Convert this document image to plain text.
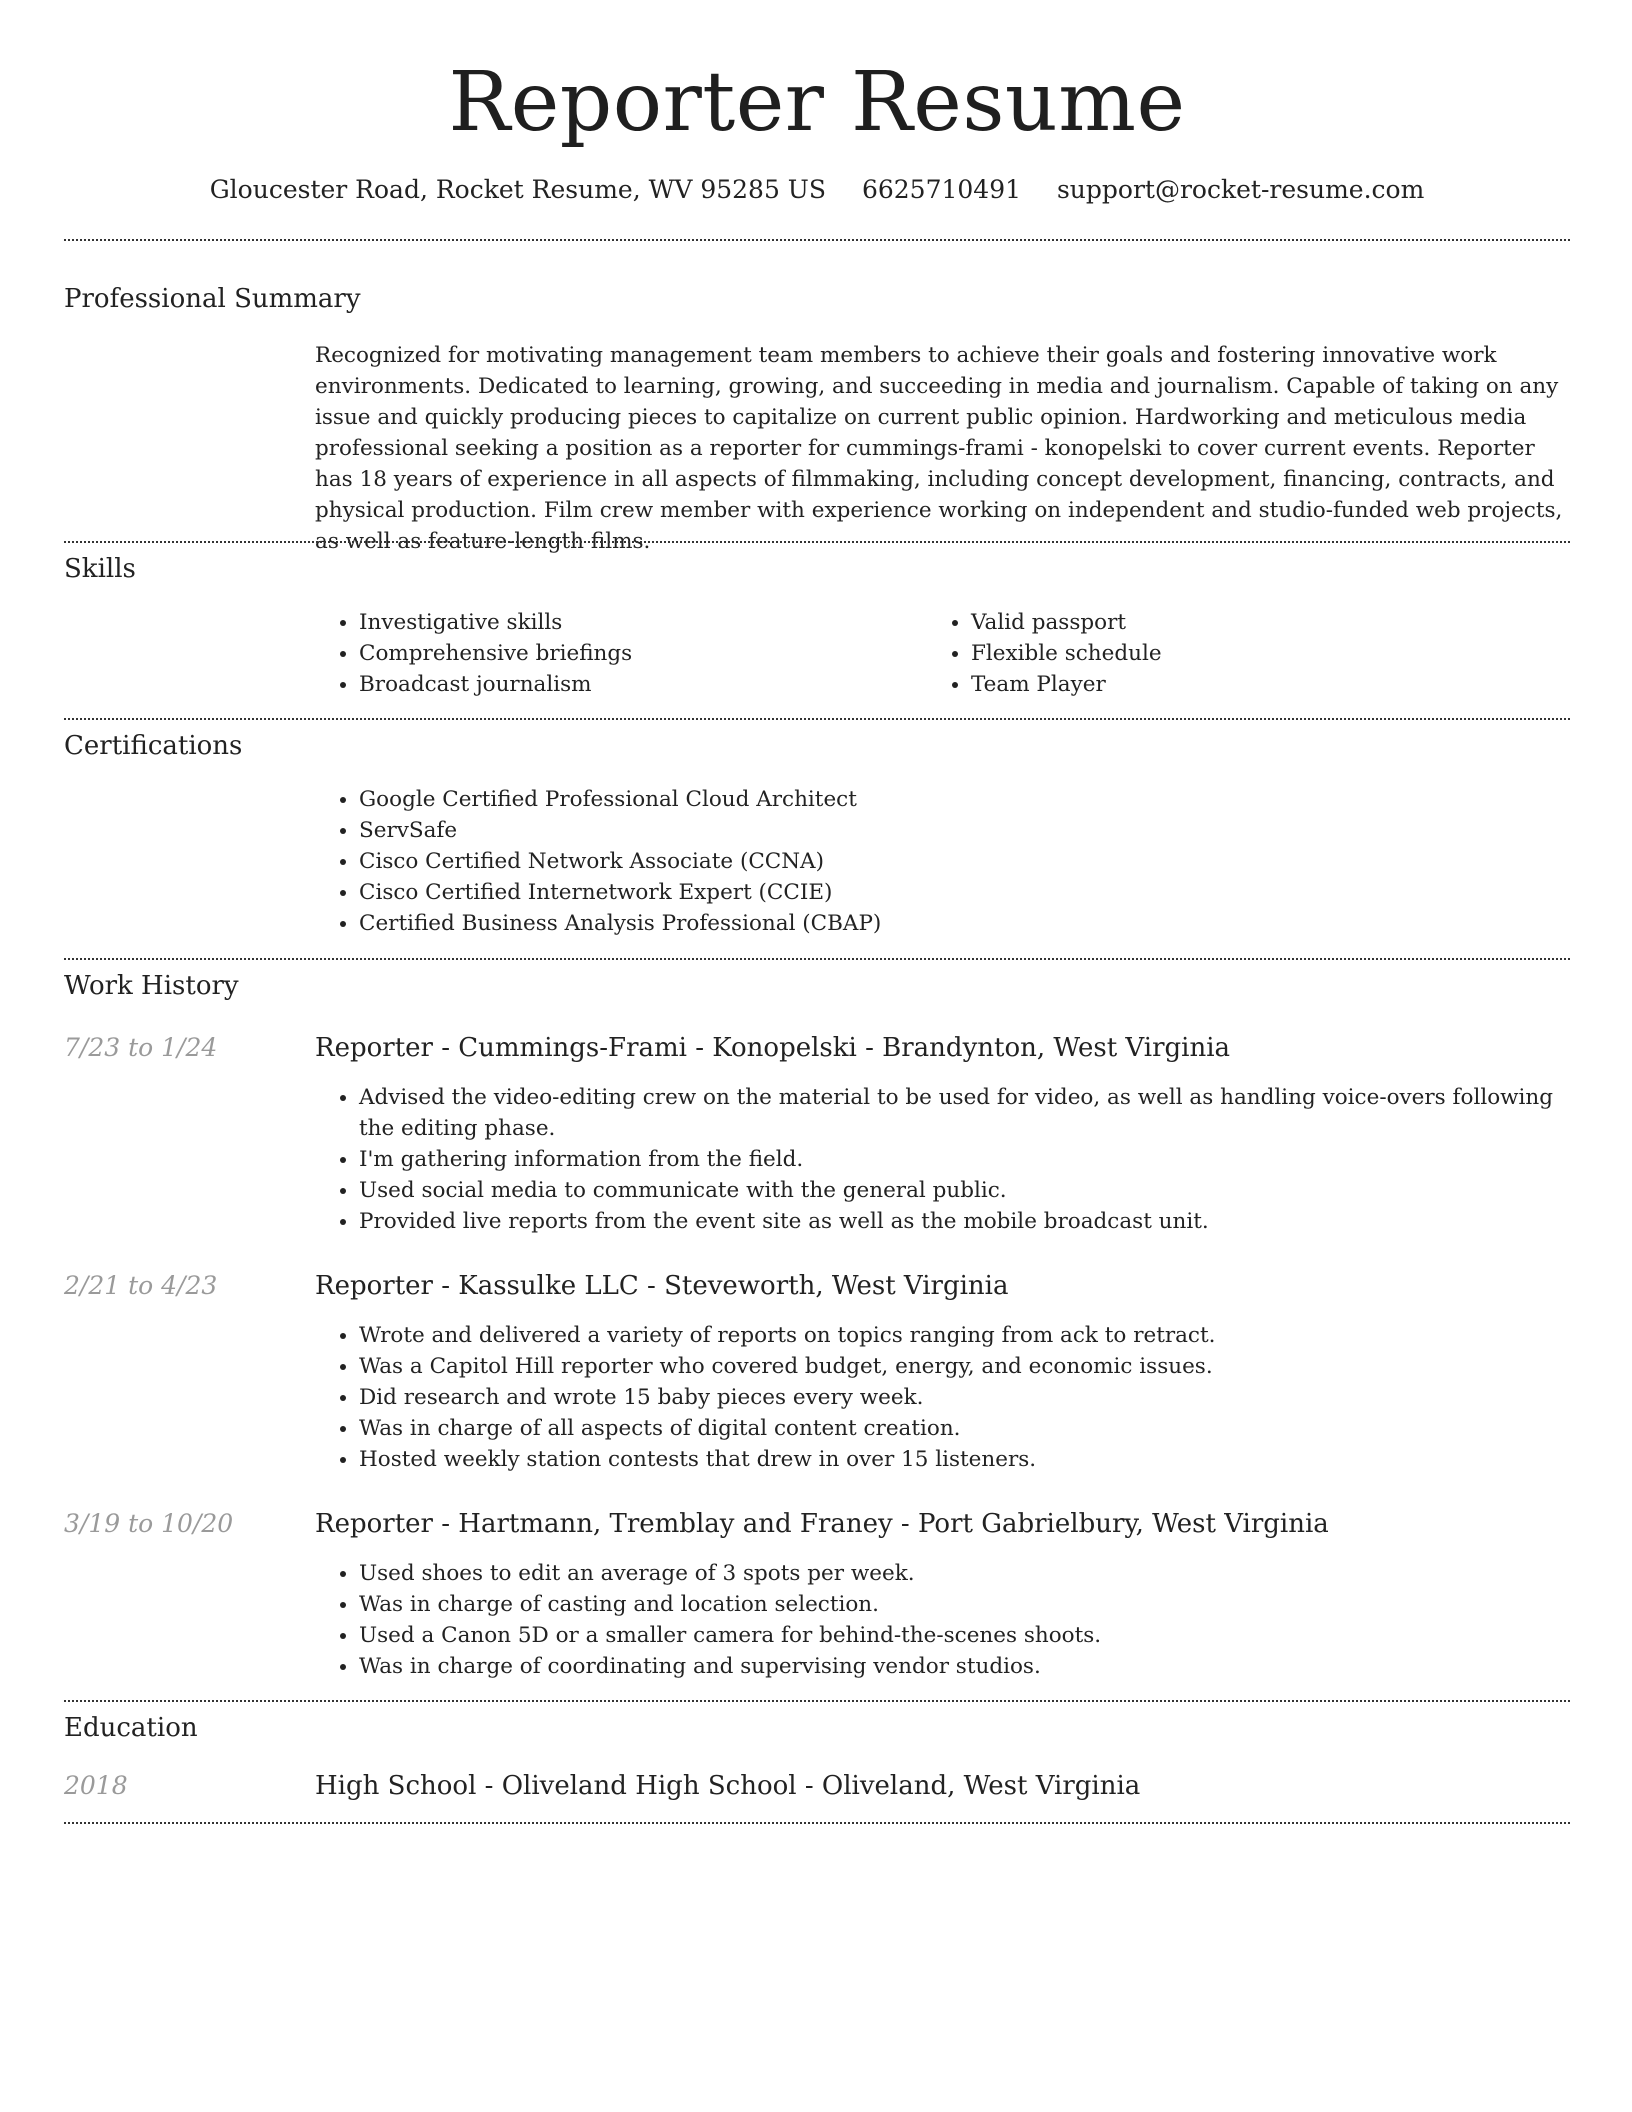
Reporter Resume
Gloucester Road, Rocket Resume, WV 95285 US 6625710491 support@rocket-resume.com
Professional Summary

Recognized for motivating management team members to achieve their goals and fostering innovative work environments. Dedicated to learning, growing, and succeeding in media and journalism. Capable of taking on any issue and quickly producing pieces to capitalize on current public opinion. Hardworking and meticulous media professional seeking a position as a reporter for cummings-frami - konopelski to cover current events. Reporter has 18 years of experience in all aspects of filmmaking, including concept development, financing, contracts, and physical production. Film crew member with experience working on independent and studio-funded web projects, as well as feature-length films.

Skills
• Investigative skills
• Comprehensive briefings
• Broadcast journalism
• Valid passport
• Flexible schedule
• Team Player
Certifications
• Google Certified Professional Cloud Architect
• ServSafe
• Cisco Certified Network Associate (CCNA)
• Cisco Certified Internetwork Expert (CCIE)
• Certified Business Analysis Professional (CBAP)
Work History
7/23 to 1/24	Reporter - Cummings-Frami - Konopelski - Brandynton, West Virginia
• Advised the video-editing crew on the material to be used for video, as well as handling voice-overs following the editing phase.
• I'm gathering information from the field.
• Used social media to communicate with the general public.
• Provided live reports from the event site as well as the mobile broadcast unit.
2/21 to 4/23	Reporter - Kassulke LLC - Steveworth, West Virginia
• Wrote and delivered a variety of reports on topics ranging from ack to retract.
• Was a Capitol Hill reporter who covered budget, energy, and economic issues.
• Did research and wrote 15 baby pieces every week.
• Was in charge of all aspects of digital content creation.
• Hosted weekly station contests that drew in over 15 listeners.
3/19 to 10/20	Reporter - Hartmann, Tremblay and Franey - Port Gabrielbury, West Virginia
• Used shoes to edit an average of 3 spots per week.
• Was in charge of casting and location selection.
• Used a Canon 5D or a smaller camera for behind-the-scenes shoots.
• Was in charge of coordinating and supervising vendor studios.
Education
2018	High School - Oliveland High School - Oliveland, West Virginia
